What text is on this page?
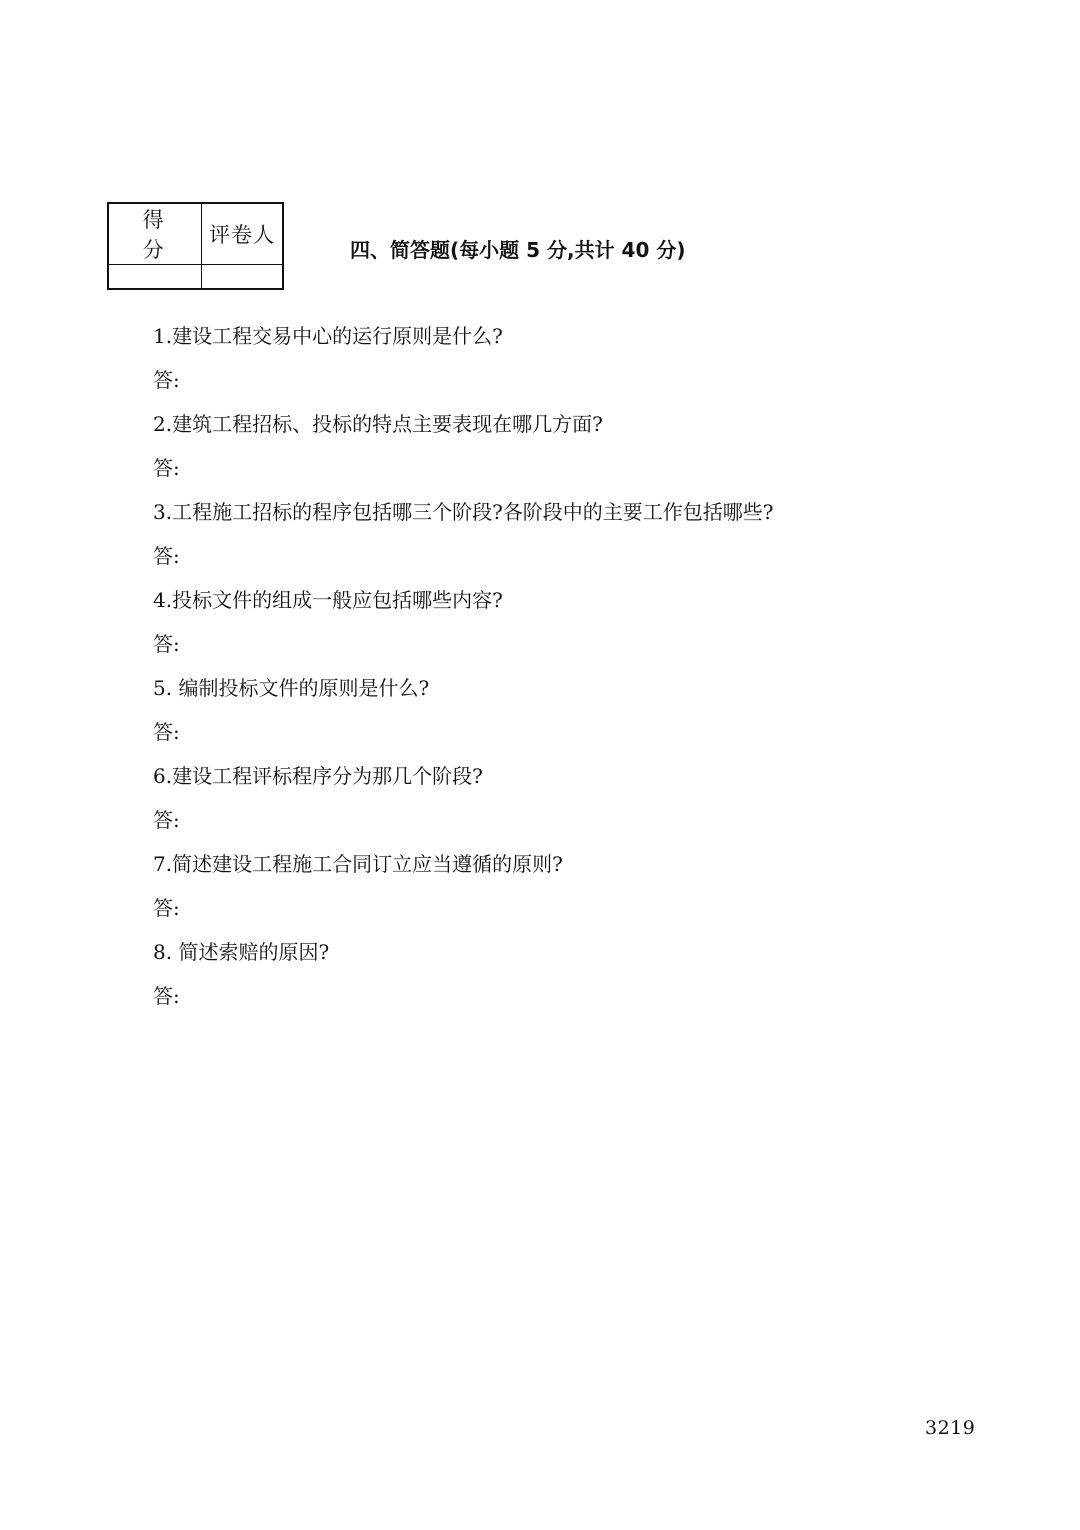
得 分	评卷人

四、简答题(每小题 5 分,共计 40 分)
1.建设工程交易中心的运行原则是什么?
答:
2.建筑工程招标、投标的特点主要表现在哪几方面?
答:
3.工程施工招标的程序包括哪三个阶段?各阶段中的主要工作包括哪些?
答:
4.投标文件的组成一般应包括哪些内容?
答:
5. 编制投标文件的原则是什么?
答:
6.建设工程评标程序分为那几个阶段?
答:
7.简述建设工程施工合同订立应当遵循的原则?
答:
8. 简述索赔的原因?
答:
3219
